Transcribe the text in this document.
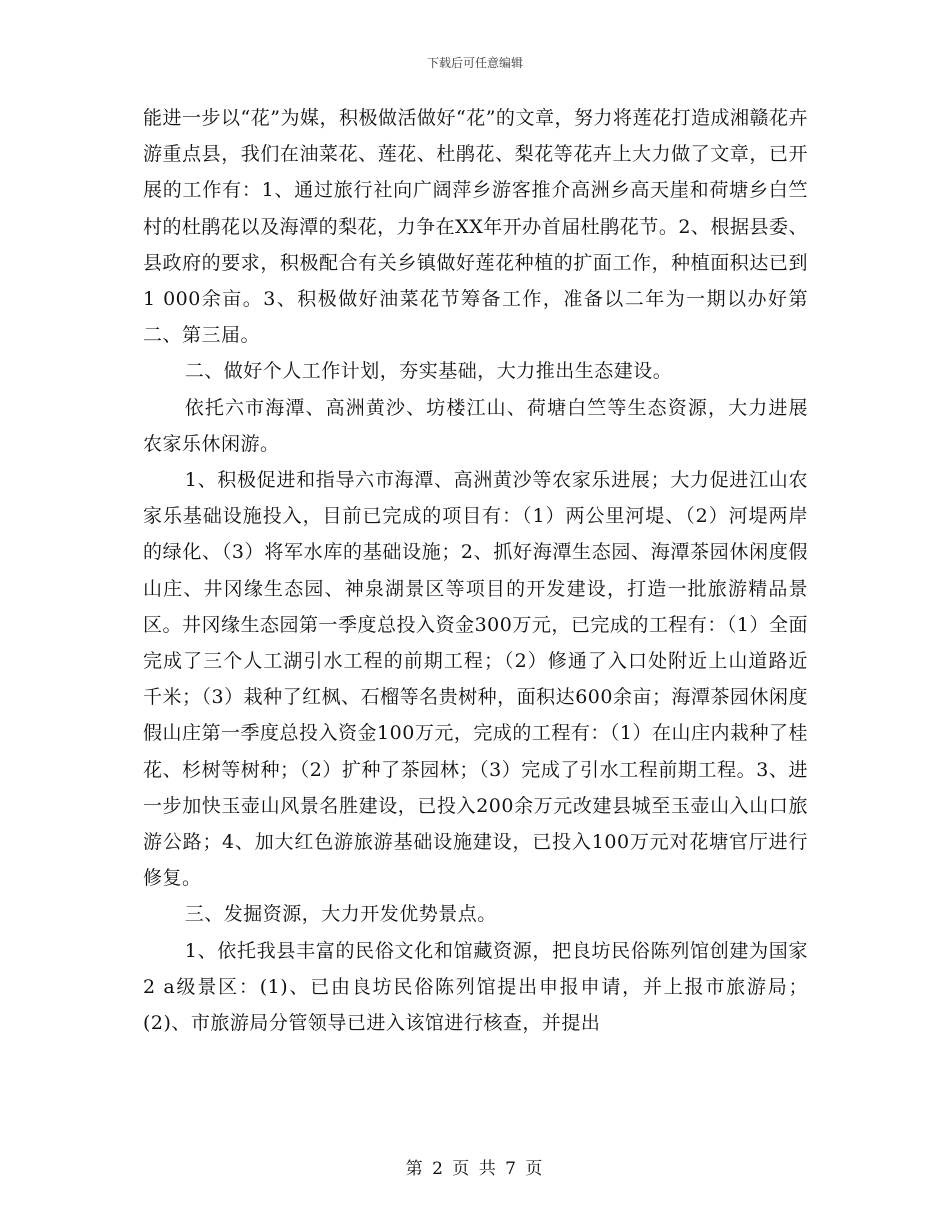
下载后可任意编辑

能进一步以“花”为媒，积极做活做好“花”的文章，努力将莲花打造成湘赣花卉游重点县，我们在油菜花、莲花、杜鹃花、梨花等花卉上大力做了文章，已开展的工作有：1、通过旅行社向广阔萍乡游客推介高洲乡高天崖和荷塘乡白竺村的杜鹃花以及海潭的梨花，力争在XX年开办首届杜鹃花节。2、根据县委、县政府的要求，积极配合有关乡镇做好莲花种植的扩面工作，种植面积达已到1 000余亩。3、积极做好油菜花节筹备工作，准备以二年为一期以办好第二、第三届。

二、做好个人工作计划，夯实基础，大力推出生态建设。

依托六市海潭、高洲黄沙、坊楼江山、荷塘白竺等生态资源，大力进展农家乐休闲游。

1、积极促进和指导六市海潭、高洲黄沙等农家乐进展；大力促进江山农家乐基础设施投入，目前已完成的项目有：（1）两公里河堤、（2）河堤两岸的绿化、（3）将军水库的基础设施；2、抓好海潭生态园、海潭茶园休闲度假山庄、井冈缘生态园、神泉湖景区等项目的开发建设，打造一批旅游精品景区。井冈缘生态园第一季度总投入资金300万元，已完成的工程有：（1）全面完成了三个人工湖引水工程的前期工程；（2）修通了入口处附近上山道路近千米；（3）栽种了红枫、石榴等名贵树种，面积达600余亩；海潭茶园休闲度假山庄第一季度总投入资金100万元，完成的工程有：（1）在山庄内栽种了桂花、杉树等树种；（2）扩种了茶园林；（3）完成了引水工程前期工程。3、进一步加快玉壶山风景名胜建设，已投入200余万元改建县城至玉壶山入山口旅游公路；4、加大红色游旅游基础设施建设，已投入100万元对花塘官厅进行修复。

三、发掘资源，大力开发优势景点。

1、依托我县丰富的民俗文化和馆藏资源，把良坊民俗陈列馆创建为国家2 a级景区：(1)、已由良坊民俗陈列馆提出申报申请，并上报市旅游局；(2)、市旅游局分管领导已进入该馆进行核查，并提出

第 2 页 共 7 页
